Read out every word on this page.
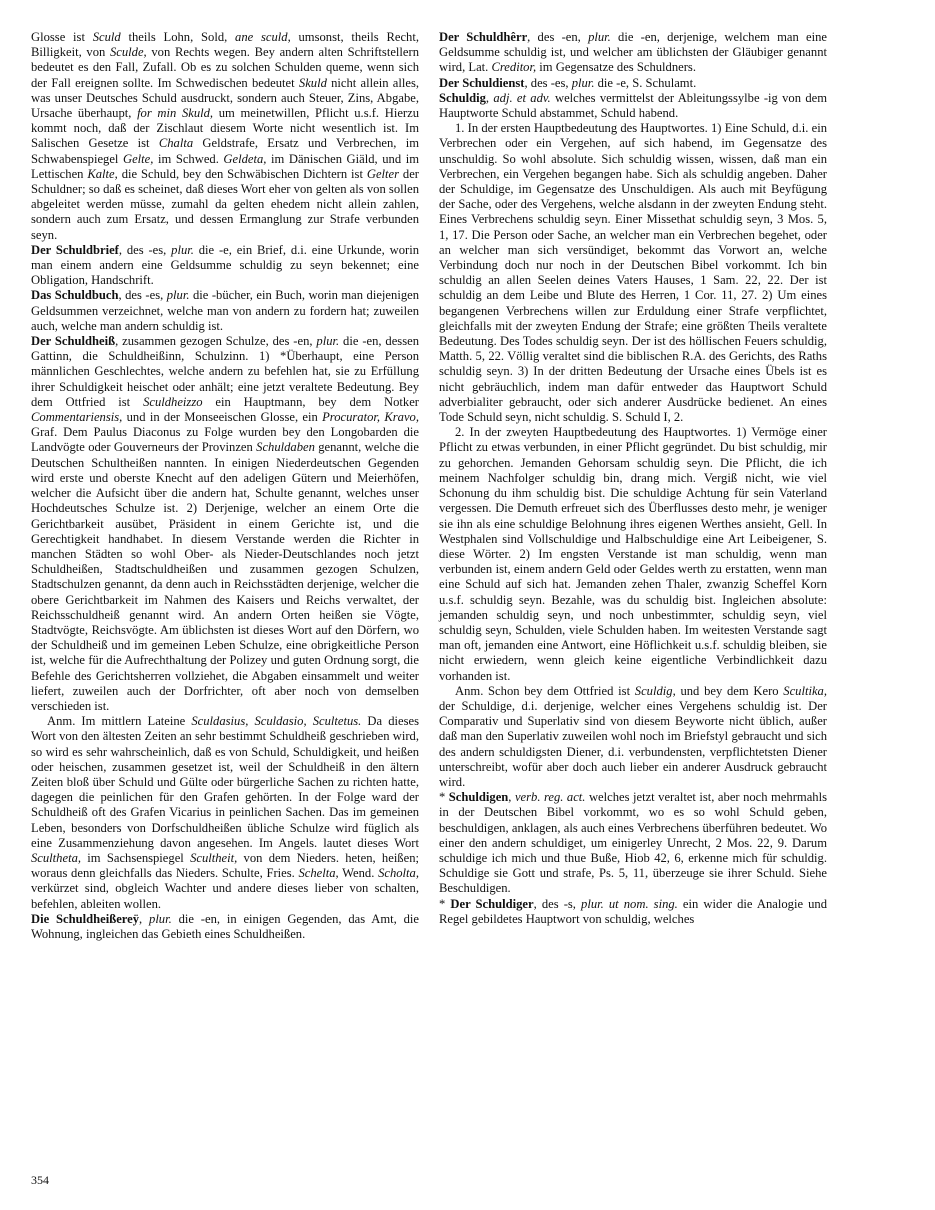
Glosse ist Sculd theils Lohn, Sold, ane sculd, umsonst, theils Recht, Billigkeit, von Sculde, von Rechts wegen. Bey andern alten Schriftstellern bedeutet es den Fall, Zufall. Ob es zu solchen Schulden queme, wenn sich der Fall ereignen sollte. Im Schwedischen bedeutet Skuld nicht allein alles, was unser Deutsches Schuld ausdruckt, sondern auch Steuer, Zins, Abgabe, Ursache überhaupt, for min Skuld, um meinetwillen, Pflicht u.s.f. Hierzu kommt noch, daß der Zischlaut diesem Worte nicht wesentlich ist. Im Salischen Gesetze ist Chalta Geldstrafe, Ersatz und Verbrechen, im Schwabenspiegel Gelte, im Schwed. Geldeta, im Dänischen Giäld, und im Lettischen Kalte, die Schuld, bey den Schwäbischen Dichtern ist Gelter der Schuldner; so daß es scheinet, daß dieses Wort eher von gelten als von sollen abgeleitet werden müsse, zumahl da gelten ehedem nicht allein zahlen, sondern auch zum Ersatz, und dessen Ermanglung zur Strafe verbunden seyn.

Der Schuldbrief, des -es, plur. die -e, ein Brief, d.i. eine Urkunde, worin man einem andern eine Geldsumme schuldig zu seyn bekennet; eine Obligation, Handschrift.

Das Schuldbuch, des -es, plur. die -bücher, ein Buch, worin man diejenigen Geldsummen verzeichnet, welche man von andern zu fordern hat; zuweilen auch, welche man andern schuldig ist.

Der Schuldheiß, zusammen gezogen Schulze, des -en, plur. die -en, dessen Gattinn, die Schuldheißinn, Schulzinn. 1) *Überhaupt, eine Person männlichen Geschlechtes, welche andern zu befehlen hat, sie zu Erfüllung ihrer Schuldigkeit heischet oder anhält; eine jetzt veraltete Bedeutung. Bey dem Ottfried ist Sculdheizzo ein Hauptmann, bey dem Notker Commentariensis, und in der Monseeischen Glosse, ein Procurator, Kravo, Graf. Dem Paulus Diaconus zu Folge wurden bey den Longobarden die Landvögte oder Gouverneurs der Provinzen Schuldaben genannt, welche die Deutschen Schultheißen nannten. In einigen Niederdeutschen Gegenden wird erste und oberste Knecht auf den adeligen Gütern und Meierhöfen, welcher die Aufsicht über die andern hat, Schulte genannt, welches unser Hochdeutsches Schulze ist. 2) Derjenige, welcher an einem Orte die Gerichtbarkeit ausübet, Präsident in einem Gerichte ist, und die Gerechtigkeit handhabet. In diesem Verstande werden die Richter in manchen Städten so wohl Ober- als Nieder-Deutschlandes noch jetzt Schuldheißen, Stadtschuldheißen und zusammen gezogen Schulzen, Stadtschulzen genannt, da denn auch in Reichsstädten derjenige, welcher die obere Gerichtbarkeit im Nahmen des Kaisers und Reichs verwaltet, der Reichsschuldheiß genannt wird. An andern Orten heißen sie Vögte, Stadtvögte, Reichsvögte. Am üblichsten ist dieses Wort auf den Dörfern, wo der Schuldheiß und im gemeinen Leben Schulze, eine obrigkeitliche Person ist, welche für die Aufrechthaltung der Polizey und guten Ordnung sorgt, die Befehle des Gerichtsherren vollziehet, die Abgaben einsammelt und weiter liefert, zuweilen auch der Dorfrichter, oft aber noch von demselben verschieden ist.

Anm. Im mittlern Lateine Sculdasius, Sculdasio, Scultetus. Da dieses Wort von den ältesten Zeiten an sehr bestimmt Schuldheiß geschrieben wird, so wird es sehr wahrscheinlich, daß es von Schuld, Schuldigkeit, und heißen oder heischen, zusammen gesetzet ist, weil der Schuldheiß in den ältern Zeiten bloß über Schuld und Gülte oder bürgerliche Sachen zu richten hatte, dagegen die peinlichen für den Grafen gehörten. In der Folge ward der Schuldheiß oft des Grafen Vicarius in peinlichen Sachen. Das im gemeinen Leben, besonders von Dorfschuldheißen übliche Schulze wird füglich als eine Zusammenziehung davon angesehen. Im Angels. lautet dieses Wort Scultheta, im Sachsenspiegel Scultheit, von dem Nieders. heten, heißen; woraus denn gleichfalls das Nieders. Schulte, Fries. Schelta, Wend. Scholta, verkürzet sind, obgleich Wachter und andere dieses lieber von schalten, befehlen, ableiten wollen.

Die Schuldheißereÿ, plur. die -en, in einigen Gegenden, das Amt, die Wohnung, ingleichen das Gebieth eines Schuldheißen.

Der Schuldhêrr, des -en, plur. die -en, derjenige, welchem man eine Geldsumme schuldig ist, und welcher am üblichsten der Gläubiger genannt wird, Lat. Creditor, im Gegensatze des Schuldners.

Der Schuldienst, des -es, plur. die -e, S. Schulamt.

Schuldig, adj. et adv. welches vermittelst der Ableitungssylbe -ig von dem Hauptworte Schuld abstammet, Schuld habend.

1. In der ersten Hauptbedeutung des Hauptwortes. 1) Eine Schuld, d.i. ein Verbrechen oder ein Vergehen, auf sich habend, im Gegensatze des unschuldig. So wohl absolute. Sich schuldig wissen, wissen, daß man ein Verbrechen, ein Vergehen begangen habe. Sich als schuldig angeben. Daher der Schuldige, im Gegensatze des Unschuldigen. Als auch mit Beyfügung der Sache, oder des Vergehens, welche alsdann in der zweyten Endung steht. Eines Verbrechens schuldig seyn. Einer Missethat schuldig seyn, 3 Mos. 5, 1, 17. Die Person oder Sache, an welcher man ein Verbrechen begehet, oder an welcher man sich versündiget, bekommt das Vorwort an, welche Verbindung doch nur noch in der Deutschen Bibel vorkommt. Ich bin schuldig an allen Seelen deines Vaters Hauses, 1 Sam. 22, 22. Der ist schuldig an dem Leibe und Blute des Herren, 1 Cor. 11, 27. 2) Um eines begangenen Verbrechens willen zur Erduldung einer Strafe verpflichtet, gleichfalls mit der zweyten Endung der Strafe; eine größten Theils veraltete Bedeutung. Des Todes schuldig seyn. Der ist des höllischen Feuers schuldig, Matth. 5, 22. Völlig veraltet sind die biblischen R.A. des Gerichts, des Raths schuldig seyn. 3) In der dritten Bedeutung der Ursache eines Übels ist es nicht gebräuchlich, indem man dafür entweder das Hauptwort Schuld adverbialiter gebraucht, oder sich anderer Ausdrücke bedienet. An eines Tode Schuld seyn, nicht schuldig. S. Schuld I, 2.

2. In der zweyten Hauptbedeutung des Hauptwortes. 1) Vermöge einer Pflicht zu etwas verbunden, in einer Pflicht gegründet. Du bist schuldig, mir zu gehorchen. Jemanden Gehorsam schuldig seyn. Die Pflicht, die ich meinem Nachfolger schuldig bin, drang mich. Vergiß nicht, wie viel Schonung du ihm schuldig bist. Die schuldige Achtung für sein Vaterland vergessen. Die Demuth erfreuet sich des Überflusses desto mehr, je weniger sie ihn als eine schuldige Belohnung ihres eigenen Werthes ansieht, Gell. In Westphalen sind Vollschuldige und Halbschuldige eine Art Leibeigener, S. diese Wörter. 2) Im engsten Verstande ist man schuldig, wenn man verbunden ist, einem andern Geld oder Geldes werth zu erstatten, wenn man eine Schuld auf sich hat. Jemanden zehen Thaler, zwanzig Scheffel Korn u.s.f. schuldig seyn. Bezahle, was du schuldig bist. Ingleichen absolute: jemanden schuldig seyn, und noch unbestimmter, schuldig seyn, viel schuldig seyn, Schulden, viele Schulden haben. Im weitesten Verstande sagt man oft, jemanden eine Antwort, eine Höflichkeit u.s.f. schuldig bleiben, sie nicht erwiedern, wenn gleich keine eigentliche Verbindlichkeit dazu vorhanden ist.

Anm. Schon bey dem Ottfried ist Sculdig, und bey dem Kero Scultika, der Schuldige, d.i. derjenige, welcher eines Vergehens schuldig ist. Der Comparativ und Superlativ sind von diesem Beyworte nicht üblich, außer daß man den Superlativ zuweilen wohl noch im Briefstyl gebraucht und sich des andern schuldigsten Diener, d.i. verbundensten, verpflichtetsten Diener unterschreibt, wofür aber doch auch lieber ein anderer Ausdruck gebraucht wird.

* Schuldigen, verb. reg. act. welches jetzt veraltet ist, aber noch mehrmahls in der Deutschen Bibel vorkommt, wo es so wohl Schuld geben, beschuldigen, anklagen, als auch eines Verbrechens überführen bedeutet. Wo einer den andern schuldiget, um einigerley Unrecht, 2 Mos. 22, 9. Darum schuldige ich mich und thue Buße, Hiob 42, 6, erkenne mich für schuldig. Schuldige sie Gott und strafe, Ps. 5, 11, überzeuge sie ihrer Schuld. Siehe Beschuldigen.

* Der Schuldiger, des -s, plur. ut nom. sing. ein wider die Analogie und Regel gebildetes Hauptwort von schuldig, welches

354
